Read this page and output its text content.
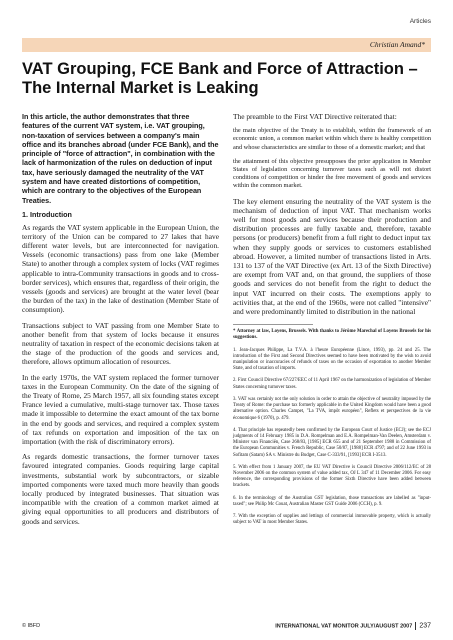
Articles
Christian Amand*
VAT Grouping, FCE Bank and Force of Attraction – The Internal Market is Leaking

In this article, the author demonstrates that three features of the current VAT system, i.e. VAT grouping, non-taxation of services between a company's main office and its branches abroad (under FCE Bank), and the principle of "force of attraction", in combination with the lack of harmonization of the rules on deduction of input tax, have seriously damaged the neutrality of the VAT system and have created distortions of competition, which are contrary to the objectives of the European Treaties.

1. Introduction

As regards the VAT system applicable in the European Union, the territory of the Union can be compared to 27 lakes that have different water levels, but are interconnected for navigation. Vessels (economic transactions) pass from one lake (Member State) to another through a complex system of locks (VAT regimes applicable to intra-Community transactions in goods and to cross-border services), which ensures that, regardless of their origin, the vessels (goods and services) are brought at the water level (bear the burden of the tax) in the lake of destination (Member State of consumption).

Transactions subject to VAT passing from one Member State to another benefit from that system of locks because it ensures neutrality of taxation in respect of the economic decisions taken at the stage of the production of the goods and services and, therefore, allows optimum allocation of resources.

In the early 1970s, the VAT system replaced the former turnover taxes in the European Community. On the date of the signing of the Treaty of Rome, 25 March 1957, all six founding states except France levied a cumulative, multi-stage turnover tax. Those taxes made it impossible to determine the exact amount of the tax borne in the end by goods and services, and required a complex system of tax refunds on exportation and imposition of the tax on importation (with the risk of discriminatory errors).

As regards domestic transactions, the former turnover taxes favoured integrated companies. Goods requiring large capital investments, substantial work by subcontractors, or sizable imported components were taxed much more heavily than goods locally produced by integrated businesses. That situation was incompatible with the creation of a common market aimed at giving equal opportunities to all producers and distributors of goods and services.

The preamble to the First VAT Directive reiterated that:

the main objective of the Treaty is to establish, within the framework of an economic union, a common market within which there is healthy competition and whose characteristics are similar to those of a domestic market; and that

the attainment of this objective presupposes the prior application in Member States of legislation concerning turnover taxes such as will not distort conditions of competition or hinder the free movement of goods and services within the common market.

The key element ensuring the neutrality of the VAT system is the mechanism of deduction of input VAT. That mechanism works well for most goods and services because their production and distribution processes are fully taxable and, therefore, taxable persons (or producers) benefit from a full right to deduct input tax when they supply goods or services to customers established abroad. However, a limited number of transactions listed in Arts. 131 to 137 of the VAT Directive (ex Art. 13 of the Sixth Directive) are exempt from VAT and, on that ground, the suppliers of those goods and services do not benefit from the right to deduct the input VAT incurred on their costs. The exemptions apply to activities that, at the end of the 1960s, were not called "intensive" and were predominantly limited to distribution in the national

* Attorney at law, Loyens, Brussels. With thanks to Jérôme Marechal of Loyens Brussels for his suggestions.

1. Jean-Jacques Philippe, La T.V.A. à l'heure Européenne (Lince, 1993), pp. 24 and 25. The introduction of the First and Second Directives seemed to have been motivated by the wish to avoid manipulation or inaccuracies of refunds of taxes on the occasion of exportation to another Member State, and of taxation of imports.

2. First Council Directive 67/227/EEC of 11 April 1967 on the harmonization of legislation of Member States concerning turnover taxes.

3. VAT was certainly not the only solution in order to attain the objective of neutrality imposed by the Treaty of Rome: the purchase tax formerly applicable in the United Kingdom would have been a good alternative option. Charles Campet, "La TVA, impôt européen", Reflets et perspectives de la vie économique 6 (1970), p. 479.

4. That principle has repeatedly been confirmed by the European Court of Justice (ECJ); see the ECJ judgments of 14 February 1985 in D.A. Rompelman and E.A. Rompelman-Van Deelen, Amsterdam v. Minister van Financiën, Case 268/83, [1985] ECR 655 and of 21 September 1988 in Commission of the European Communities v. French Republic, Case 50/87, [1988] ECR 4797; and of 22 June 1993 in Sofitam (Satam) SA v. Ministre du Budget, Case C-333/91, [1993] ECR I-3513.

5. With effect from 1 January 2007, the EU VAT Directive is Council Directive 2006/112/EC of 28 November 2006 on the common system of value added tax, OJ L 347 of 11 December 2006. For easy reference, the corresponding provisions of the former Sixth Directive have been added between brackets.

6. In the terminology of the Australian GST legislation, those transactions are labelled as "input-taxed"; see Philip Mc Couat, Australian Master GST Guide 2006 (CCH), p. 9.

7. With the exception of supplies and lettings of commercial immovable property, which is actually subject to VAT in most Member States.

© IBFD	INTERNATIONAL VAT MONITOR JULY/AUGUST 2007 237
